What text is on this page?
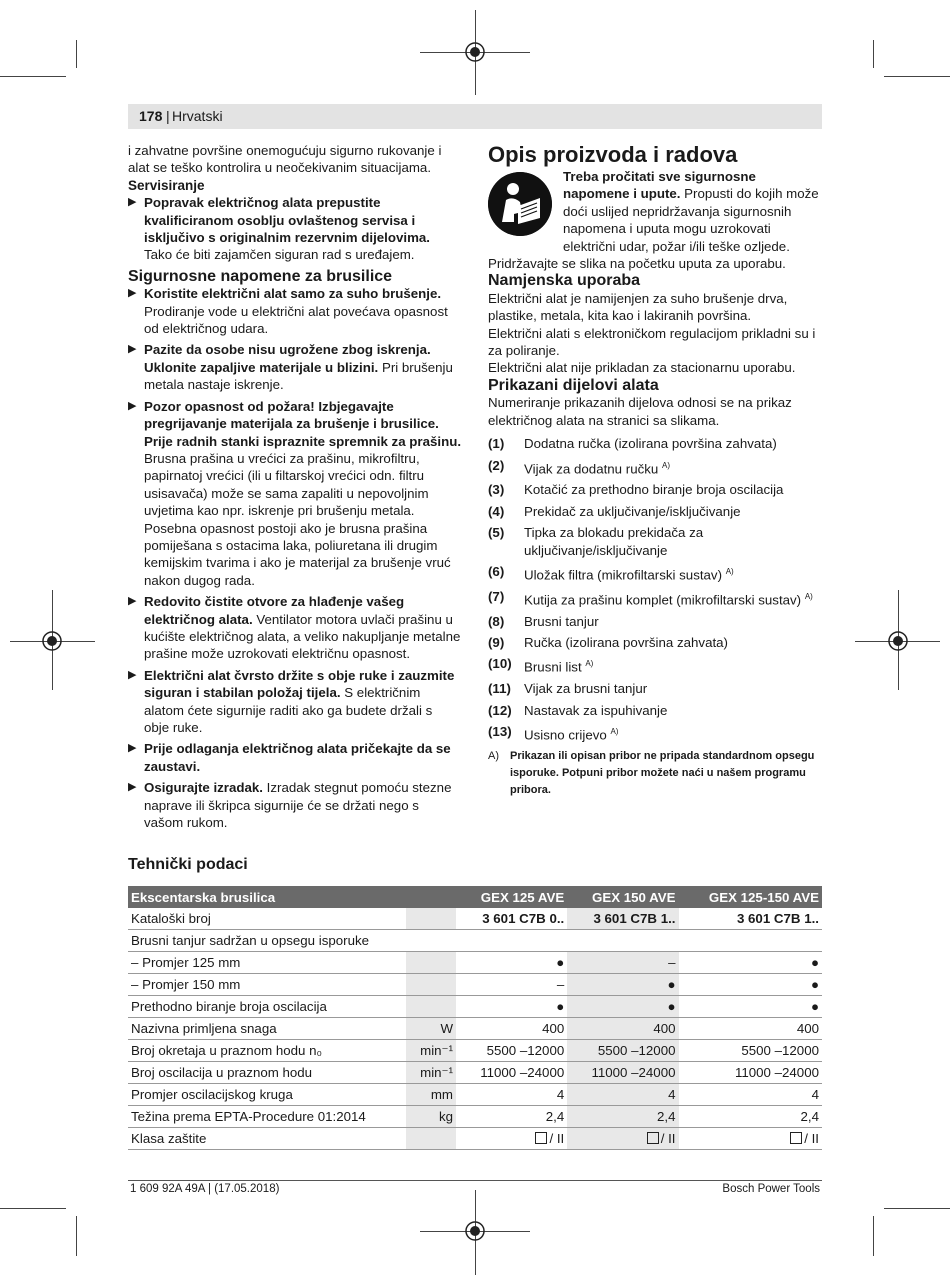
178 | Hrvatski

i zahvatne površine onemogućuju sigurno rukovanje i alat se teško kontrolira u neočekivanim situacijama.

Servisiranje

▶ Popravak električnog alata prepustite kvalificiranom osoblju ovlaštenog servisa i isključivo s originalnim rezervnim dijelovima. Tako će biti zajamčen siguran rad s uređajem.

Sigurnosne napomene za brusilice

▶ Koristite električni alat samo za suho brušenje. Prodiranje vode u električni alat povećava opasnost od električnog udara.
▶ Pazite da osobe nisu ugrožene zbog iskrenja. Uklonite zapaljive materijale u blizini. Pri brušenju metala nastaje iskrenje.
▶ Pozor opasnost od požara! Izbjegavajte pregrijavanje materijala za brušenje i brusilice. Prije radnih stanki ispraznite spremnik za prašinu. Brusna prašina u vrećici za prašinu, mikrofiltru, papirnatoj vrećici (ili u filtarskoj vrećici odn. filtru usisavača) može se sama zapaliti u nepovoljnim uvjetima kao npr. iskrenje pri brušenju metala. Posebna opasnost postoji ako je brusna prašina pomiješana s ostacima laka, poliuretana ili drugim kemijskim tvarima i ako je materijal za brušenje vruć nakon dugog rada.
▶ Redovito čistite otvore za hlađenje vašeg električnog alata. Ventilator motora uvlači prašinu u kućište električnog alata, a veliko nakupljanje metalne prašine može uzrokovati električnu opasnost.
▶ Električni alat čvrsto držite s obje ruke i zauzmite siguran i stabilan položaj tijela. S električnim alatom ćete sigurnije raditi ako ga budete držali s obje ruke.
▶ Prije odlaganja električnog alata pričekajte da se zaustavi.
▶ Osigurajte izradak. Izradak stegnut pomoću stezne naprave ili škripca sigurnije će se držati nego s vašom rukom.

Opis proizvoda i radova

Treba pročitati sve sigurnosne napomene i upute. Propusti do kojih može doći uslijed nepridržavanja sigurnosnih napomena i uputa mogu uzrokovati električni udar, požar i/ili teške ozljede.

Pridržavajte se slika na početku uputa za uporabu.

Namjenska uporaba

Električni alat je namijenjen za suho brušenje drva, plastike, metala, kita kao i lakiranih površina.

Električni alati s elektroničkom regulacijom prikladni su i za poliranje.

Električni alat nije prikladan za stacionarnu uporabu.

Prikazani dijelovi alata

Numeriranje prikazanih dijelova odnosi se na prikaz električnog alata na stranici sa slikama.

(1)	Dodatna ručka (izolirana površina zahvata)
(2)	Vijak za dodatnu ručku $^{A)}$
(3)	Kotačić za prethodno biranje broja oscilacija
(4)	Prekidač za uključivanje/isključivanje
(5)	Tipka za blokadu prekidača za uključivanje/isključivanje
(6)	Uložak filtra (mikrofiltarski sustav) $^{A)}$
(7)	Kutija za prašinu komplet (mikrofiltarski sustav) $^{A)}$
(8)	Brusni tanjur
(9)	Ručka (izolirana površina zahvata)
(10) Brusni list $^{A)}$
(11) Vijak za brusni tanjur
(12) Nastavak za ispuhivanje
(13) Usisno crijevo $^{A)}$
A)	Prikazan ili opisan pribor ne pripada standardnom opsegu isporuke. Potpuni pribor možete naći u našem programu pribora.
Tehnički podaci
Ekscentarska brusilica		GEX 125 AVE	GEX 150 AVE	GEX 125-150 AVE
Kataloški broj		3 601 C7B 0..	3 601 C7B 1..	3 601 C7B 1..
Brusni tanjur sadržan u opsegu isporuke				
– Promjer 125 mm		●	–	●
– Promjer 150 mm		–	●	●
Prethodno biranje broja oscilacija		●	●	●
Nazivna primljena snaga	W	400	400	400
Broj okretaja u praznom hodu n₀	min⁻¹	5500 –12000	5500 –12000	5500 –12000
Broj oscilacija u praznom hodu	min⁻¹	11000 –24000	11000 –24000	11000 –24000
Promjer oscilacijskog kruga	mm	4	4	4
Težina prema EPTA-Procedure 01:2014	kg	2,4	2,4	2,4
Klasa zaštite		/ II	/ II	/ II
1 609 92A 49A | (17.05.2018)	Bosch Power Tools
